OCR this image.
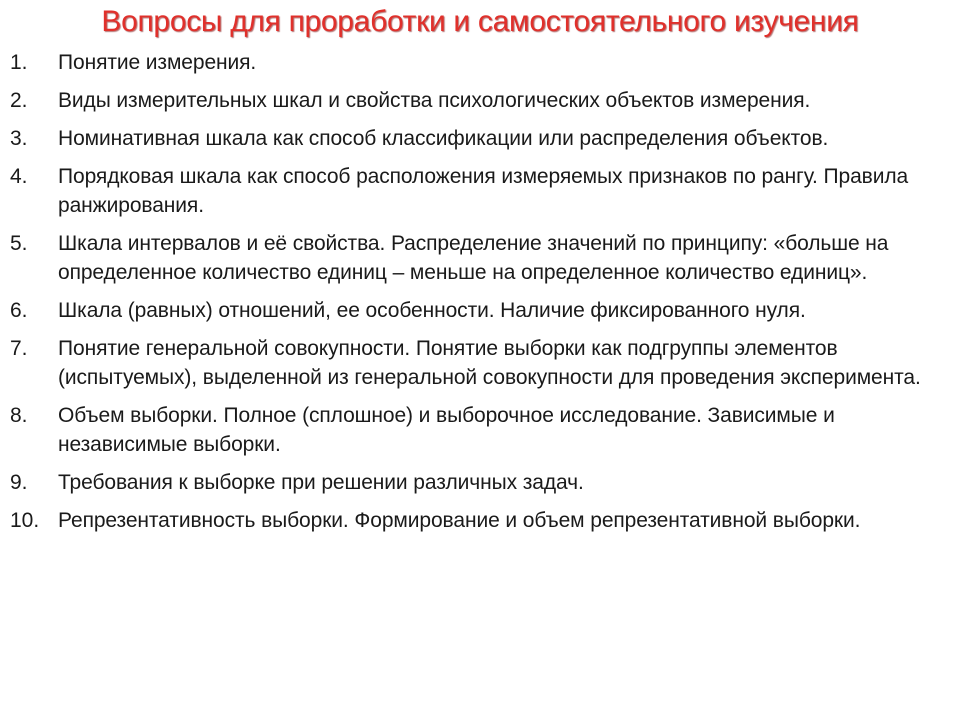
Вопросы для проработки и самостоятельного изучения
1.	Понятие измерения.
2.	Виды измерительных шкал и свойства психологических объектов измерения.
3.	Номинативная шкала как способ классификации или распределения объектов.
4.	Порядковая шкала как способ расположения измеряемых признаков по рангу. Правила ранжирования.
5.	Шкала интервалов и её свойства. Распределение значений по принципу: «больше на определенное количество единиц – меньше на определенное количество единиц».
6.	Шкала (равных) отношений, ее особенности. Наличие фиксированного нуля.
7.	Понятие генеральной совокупности. Понятие выборки как подгруппы элементов (испытуемых), выделенной из генеральной совокупности для проведения эксперимента.
8.	Объем выборки. Полное (сплошное) и выборочное исследование. Зависимые и независимые выборки.
9.	Требования к выборке при решении различных задач.
10. Репрезентативность выборки. Формирование и объем репрезентативной выборки.
